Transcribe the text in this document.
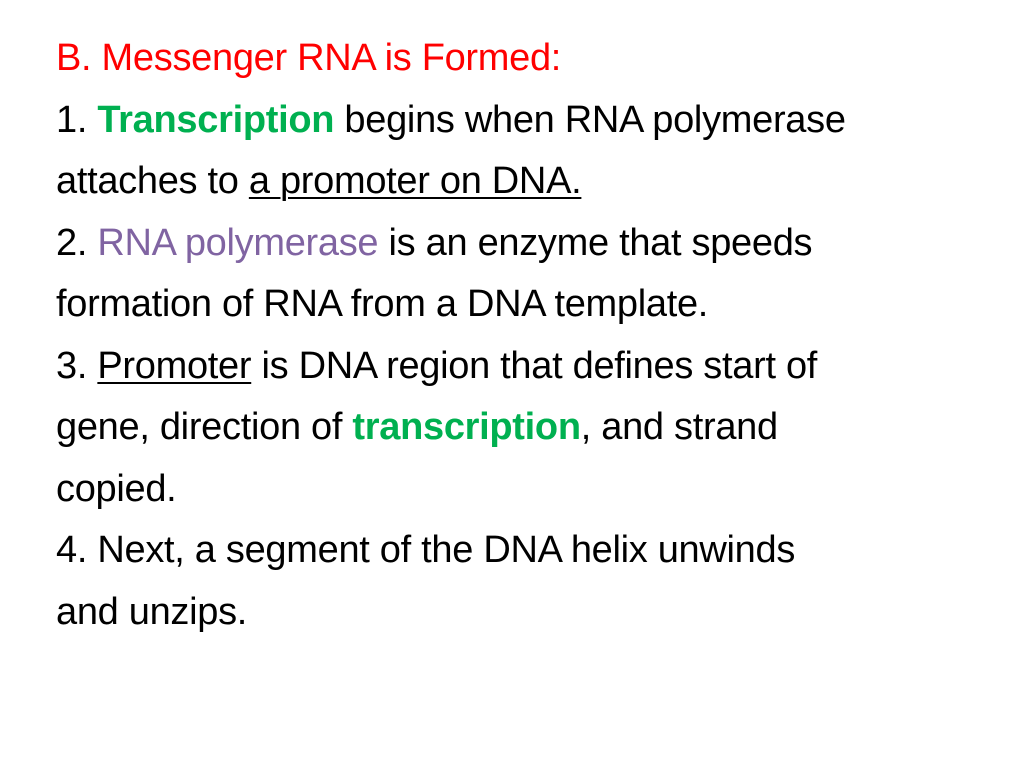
B. Messenger RNA is Formed:
1. Transcription begins when RNA polymerase
attaches to a promoter on DNA.
2. RNA polymerase is an enzyme that speeds
formation of RNA from a DNA template.
3. Promoter is DNA region that defines start of
gene, direction of transcription, and strand
copied.
4. Next, a segment of the DNA helix unwinds
and unzips.
